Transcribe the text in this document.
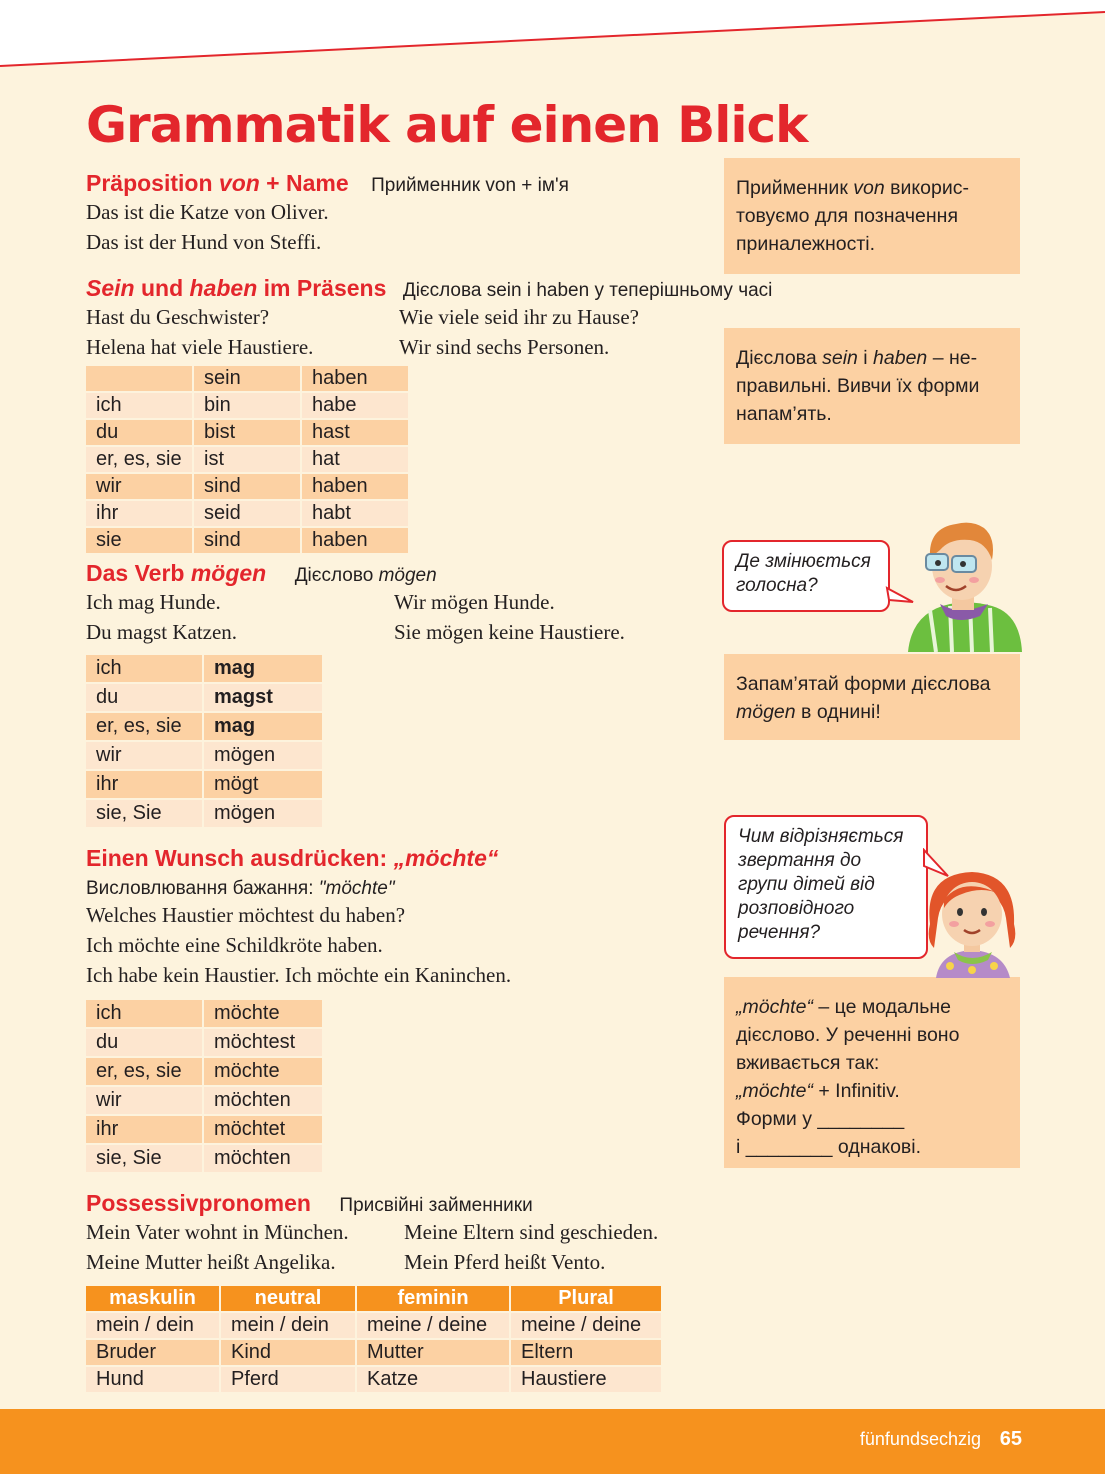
Grammatik auf einen Blick
Präposition von + Name Прийменник von + ім'я
Das ist die Katze von Oliver.
Das ist der Hund von Steffi.
Sein und haben im Präsens Дієслова sein і haben у теперішньому часі
Hast du Geschwister?	Wie viele seid ihr zu Hause?
Helena hat viele Haustiere.	Wir sind sechs Personen.
	sein	haben
ich	bin	habe
du	bist	hast
er, es, sie	ist	hat
wir	sind	haben
ihr	seid	habt
sie	sind	haben
Das Verb mögen Дієслово mögen
Ich mag Hunde.	Wir mögen Hunde.
Du magst Katzen.	Sie mögen keine Haustiere.
ich	mag
du	magst
er, es, sie	mag
wir	mögen
ihr	mögt
sie, Sie	mögen
Einen Wunsch ausdrücken: „möchte“
Висловлювання бажання: "möchte"
Welches Haustier möchtest du haben?
Ich möchte eine Schildkröte haben.
Ich habe kein Haustier. Ich möchte ein Kaninchen.
ich	möchte
du	möchtest
er, es, sie	möchte
wir	möchten
ihr	möchtet
sie, Sie	möchten
Possessivpronomen Присвійні займенники
Mein Vater wohnt in München.	Meine Eltern sind geschieden.
Meine Mutter heißt Angelika.	Mein Pferd heißt Vento.
maskulin	neutral	feminin	Plural
mein / dein	mein / dein	meine / deine	meine / deine
Bruder	Kind	Mutter	Eltern
Hund	Pferd	Katze	Haustiere
Прийменник von викорис-
товуємо для позначення
приналежності.
Дієслова sein і haben – не-
правильні. Вивчи їх форми
напам’ять.
Запам’ятай форми дієслова
mögen в однині!
„möchte“ – це модальне
дієслово. У реченні воно
вживається так:
„möchte“ + Infinitiv.
Форми у ________
і ________ однакові.
Де змінюється
голосна?
Чим відрізняється
звертання до
групи дітей від
розповідного
речення?
fünfundsechzig 65
